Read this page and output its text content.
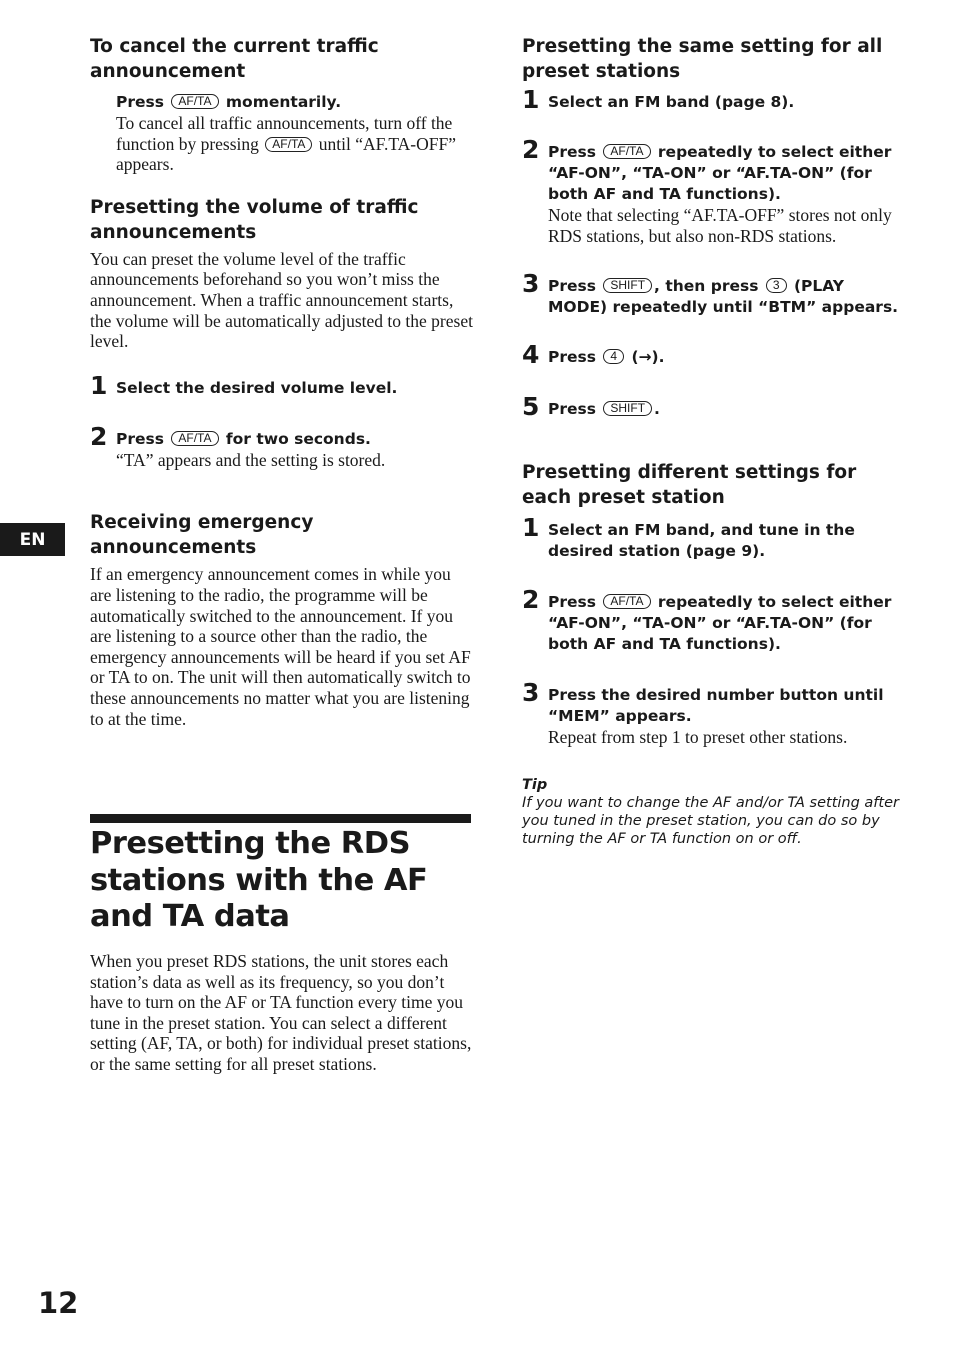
To cancel the current traffic announcement
Press AF/TA momentarily.
To cancel all traffic announcements, turn off the function by pressing AF/TA until “AF.TA-OFF” appears.
Presetting the volume of traffic announcements
You can preset the volume level of the traffic announcements beforehand so you won’t miss the announcement. When a traffic announcement starts, the volume will be automatically adjusted to the preset level.
1 Select the desired volume level.
2 Press AF/TA for two seconds.
“TA” appears and the setting is stored.
Receiving emergency announcements
If an emergency announcement comes in while you are listening to the radio, the programme will be automatically switched to the announcement. If you are listening to a source other than the radio, the emergency announcements will be heard if you set AF or TA to on. The unit will then automatically switch to these announcements no matter what you are listening to at the time.
Presetting the RDS stations with the AF and TA data
When you preset RDS stations, the unit stores each station’s data as well as its frequency, so you don’t have to turn on the AF or TA function every time you tune in the preset station. You can select a different setting (AF, TA, or both) for individual preset stations, or the same setting for all preset stations.
Presetting the same setting for all preset stations
1 Select an FM band (page 8).
2 Press AF/TA repeatedly to select either “AF-ON”, “TA-ON” or “AF.TA-ON” (for both AF and TA functions).
Note that selecting “AF.TA-OFF” stores not only RDS stations, but also non-RDS stations.
3 Press SHIFT , then press 3 (PLAY MODE) repeatedly until “BTM” appears.
4 Press 4 (→).
5 Press SHIFT .
Presetting different settings for each preset station
1 Select an FM band, and tune in the desired station (page 9).
2 Press AF/TA repeatedly to select either “AF-ON”, “TA-ON” or “AF.TA-ON” (for both AF and TA functions).
3 Press the desired number button until “MEM” appears.
Repeat from step 1 to preset other stations.
Tip
If you want to change the AF and/or TA setting after you tuned in the preset station, you can do so by turning the AF or TA function on or off.
EN
12
